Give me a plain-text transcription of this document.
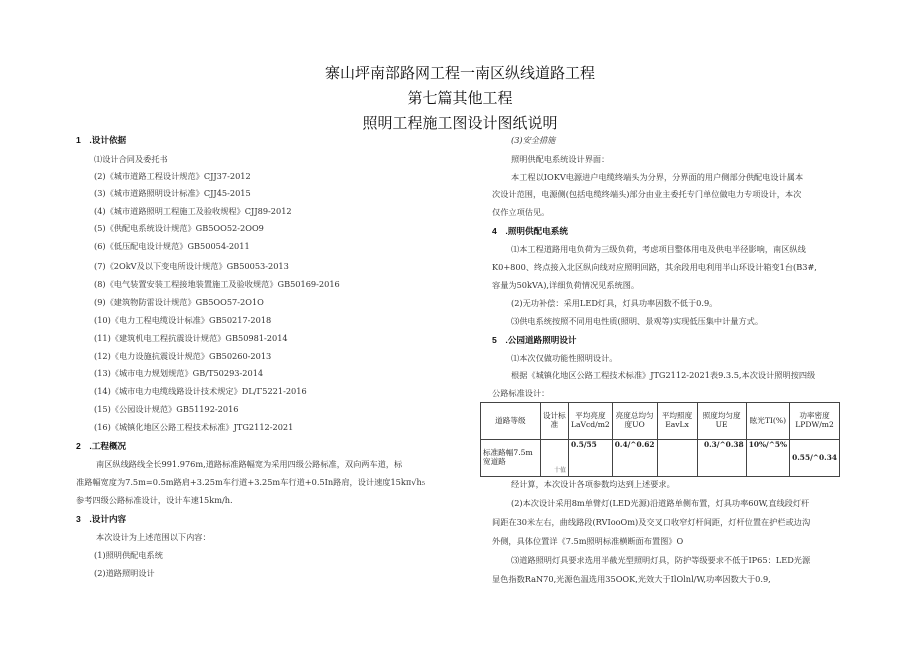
寨山坪南部路网工程一南区纵线道路工程
第七篇其他工程
照明工程施工图设计图纸说明
1　.设计依据
⑴设计合同及委托书
(2)《城市道路工程设计规范》CJJ37-2012
(3)《城市道路照明设计标准》CJJ45-2015
(4)《城市道路照明工程施工及验收规程》CJJ89-2012
(5)《供配电系统设计规范》GB5OO52-2OO9
(6)《低压配电设计规范》GB50054-2011
(7)《2OkV及以下变电所设计规范》GB50053-2013
(8)《电气装置安装工程接地装置施工及验收规范》GB50169-2016
(9)《建筑物防雷设计规范》GB5OO57-2O1O
(10)《电力工程电缆设计标准》GB50217-2018
(11)《建筑机电工程抗震设计规范》GB50981-2014
(12)《电力设施抗震设计规范》GB50260-2013
(13)《城市电力规划规范》GB/T50293-2014
(14)《城市电力电缆线路设计技术规定》DL/Γ5221-2016
(15)《公园设计规范》GB51192-2016
(16)《城镇化地区公路工程技术标准》JTG2112-2021
2　.工程概况
南区纵线路线全长991.976m,道路标准路幅宽为采用四级公路标准，双向两车道，标
准路幅宽度为7.5m=0.5m路肩+3.25m车行道+3.25m车行道+0.5In路肩，设计速度15kπ√h₅
参考四级公路标准设计，设计车速15km∕h.
3　.设计内容
本次设计为上述范围以下内容：
(1)照明供配电系统
(2)道路照明设计
(3)安全措施
照明供配电系统设计界面：
本工程以IOKV电源进户电缆终端头为分界，分界面的用户侧部分供配电设计属本
次设计范围，电源侧(包括电缆终端头)部分由业主委托专门单位做电力专项设计，本次
仅作立项估见。
4　.照明供配电系统
⑴本工程道路用电负荷为三级负荷，考虑项目整体用电及供电半径影响，南区纵线
K0+800、终点接入北区纵向线对应照明回路，其余段用电利用半山环设计箱变1台(B3#,
容量为50kVA),详细负荷情况见系统图。
(2)无功补偿：采用LED灯具，灯具功率因数不低于0.9。
⑶供电系统按照不同用电性质(照明、景观等)实现低压集中计量方式。
5　.公园道路照明设计
⑴本次仅做功能性照明设计。
根据《城镇化地区公路工程技术标准》JTG2112-2021表9.3.5,本次设计照明按四级
公路标准设计：
道路等级	设计标准	平均亮度LaVcd∕m2	亮度总均匀度UO	平均照度EavLx	照度均匀度UE	眩光TI(%)	功率密度LPDW∕m2
标准路幅7.5m宽道路	十值	0.5/55	0.4/^0.62		0.3/^0.38	10%/^5%	0.55/^0.34
经计算，本次设计各项参数均达到上述要求。
(2)本次设计采用8m单臂灯(LED光源)沿道路单侧布置，灯具功率60W,直线段灯杆
间距在30米左右，曲线路段(RVIooOm)及交叉口收窄灯杆间距，灯杆位置在护栏或边沟
外侧，具体位置详《7.5m照明标准横断面布置图》O
⑶道路照明灯具要求选用半截光型照明灯具，防护等级要求不低于IP65：LED光源
显色指数RaN70,光源色温选用35OOK,光效大于IlOlnl∕W,功率因数大于0.9,
